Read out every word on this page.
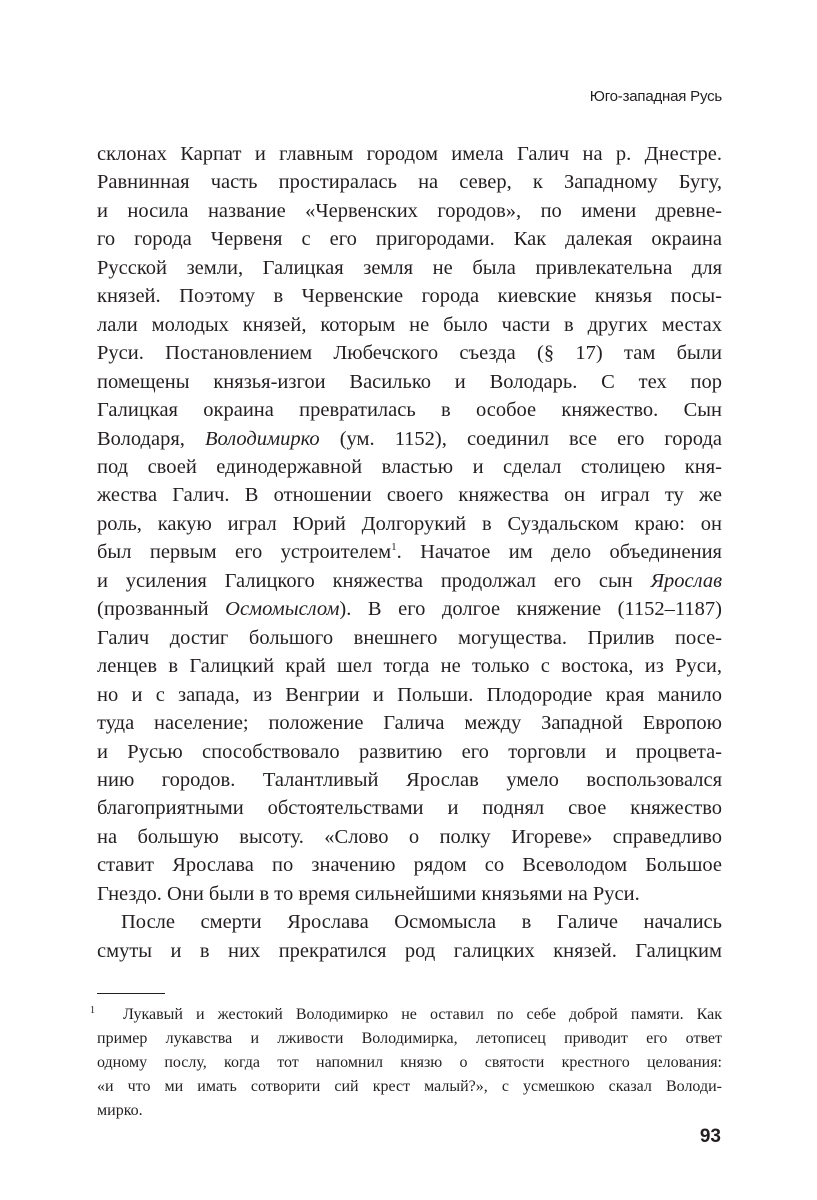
Юго-западная Русь
склонах Карпат и главным городом имела Галич на р. Днестре.
Равнинная часть простиралась на север, к Западному Бугу,
и носила название «Червенских городов», по имени древне-
го города Червеня с его пригородами. Как далекая окраина
Русской земли, Галицкая земля не была привлекательна для
князей. Поэтому в Червенские города киевские князья посы-
лали молодых князей, которым не было части в других местах
Руси. Постановлением Любечского съезда (§ 17) там были
помещены князья-изгои Василько и Володарь. С тех пор
Галицкая окраина превратилась в особое княжество. Сын
Володаря, Володимирко (ум. 1152), соединил все его города
под своей единодержавной властью и сделал столицею кня-
жества Галич. В отношении своего княжества он играл ту же
роль, какую играл Юрий Долгорукий в Суздальском краю: он
был первым его устроителем$^1$. Начатое им дело объединения
и усиления Галицкого княжества продолжал его сын Ярослав
(прозванный Осмомыслом). В его долгое княжение (1152–1187)
Галич достиг большого внешнего могущества. Прилив посе-
ленцев в Галицкий край шел тогда не только с востока, из Руси,
но и с запада, из Венгрии и Польши. Плодородие края манило
туда население; положение Галича между Западной Европою
и Русью способствовало развитию его торговли и процвета-
нию городов. Талантливый Ярослав умело воспользовался
благоприятными обстоятельствами и поднял свое княжество
на большую высоту. «Слово о полку Игореве» справедливо
ставит Ярослава по значению рядом со Всеволодом Большое
Гнездо. Они были в то время сильнейшими князьями на Руси.
После смерти Ярослава Осмомысла в Галиче начались
смуты и в них прекратился род галицких князей. Галицким
1 Лукавый и жестокий Володимирко не оставил по себе доброй памяти. Как
пример лукавства и лживости Володимирка, летописец приводит его ответ
одному послу, когда тот напомнил князю о святости крестного целования:
«и что ми имать сотворити сий крест малый?», с усмешкою сказал Володи-
мирко.
93
